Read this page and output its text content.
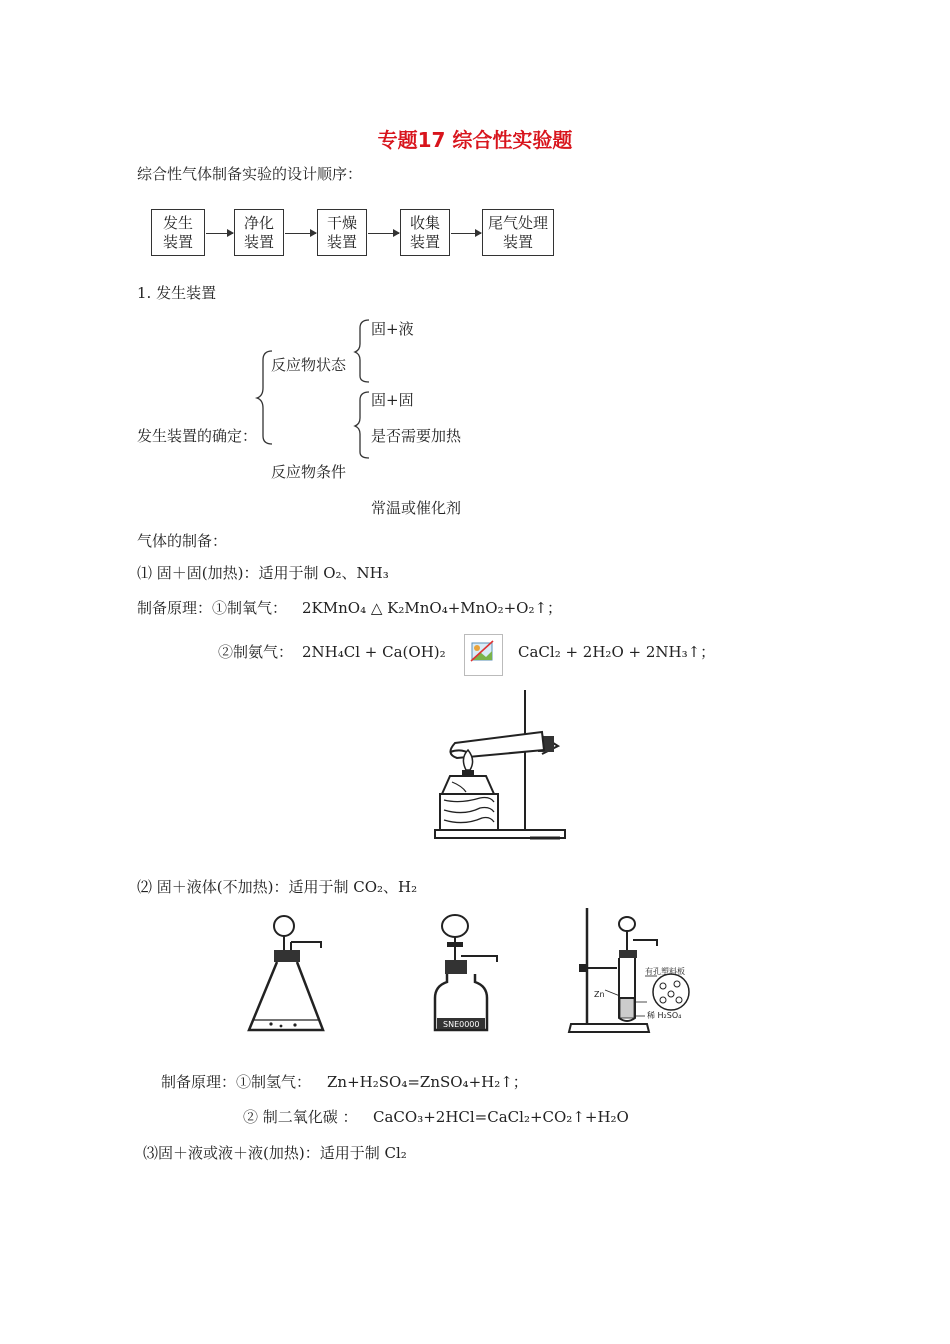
专题17 综合性实验题
综合性气体制备实验的设计顺序：
发生
装置
净化
装置
干燥
装置
收集
装置
尾气处理
装置
1. 发生装置
发生装置的确定：
反应物状态
固+液
固+固
是否需要加热
反应物条件
常温或催化剂
气体的制备：
⑴ 固＋固(加热)：适用于制 O₂、NH₃
制备原理：①制氧气： 2KMnO₄ △ K₂MnO₄+MnO₂+O₂↑；
②制氨气： 2NH₄Cl + Ca(OH)₂	CaCl₂ + 2H₂O + 2NH₃↑；
⑵ 固＋液体(不加热)：适用于制 CO₂、H₂
SNE0000
有孔塑料板
Zn
稀 H₂SO₄
制备原理：①制氢气： Zn+H₂SO₄=ZnSO₄+H₂↑；
② 制二氧化碳 ： CaCO₃+2HCl=CaCl₂+CO₂↑+H₂O
⑶固＋液或液＋液(加热)：适用于制 Cl₂
